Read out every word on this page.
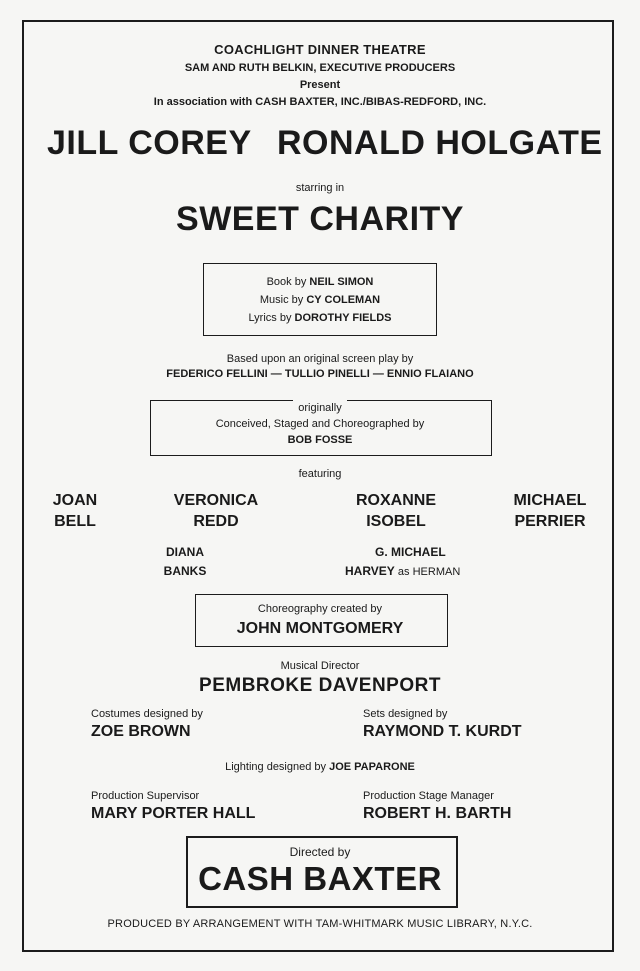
COACHLIGHT DINNER THEATRE
SAM AND RUTH BELKIN, EXECUTIVE PRODUCERS
Present
In association with CASH BAXTER, INC./BIBAS-REDFORD, INC.
JILL COREY RONALD HOLGATE
starring in
SWEET CHARITY
Book by NEIL SIMON
Music by CY COLEMAN
Lyrics by DOROTHY FIELDS
Based upon an original screen play by
FEDERICO FELLINI — TULLIO PINELLI — ENNIO FLAIANO
originally
Conceived, Staged and Choreographed by
BOB FOSSE
featuring
JOAN
BELL
VERONICA
REDD
ROXANNE
ISOBEL
MICHAEL
PERRIER
DIANA
BANKS
G. MICHAEL
HARVEY as HERMAN
Choreography created by
JOHN MONTGOMERY
Musical Director
PEMBROKE DAVENPORT
Costumes designed by
ZOE BROWN
Sets designed by
RAYMOND T. KURDT
Lighting designed by JOE PAPARONE
Production Supervisor
MARY PORTER HALL
Production Stage Manager
ROBERT H. BARTH
Directed by
CASH BAXTER
PRODUCED BY ARRANGEMENT WITH TAM-WHITMARK MUSIC LIBRARY, N.Y.C.
